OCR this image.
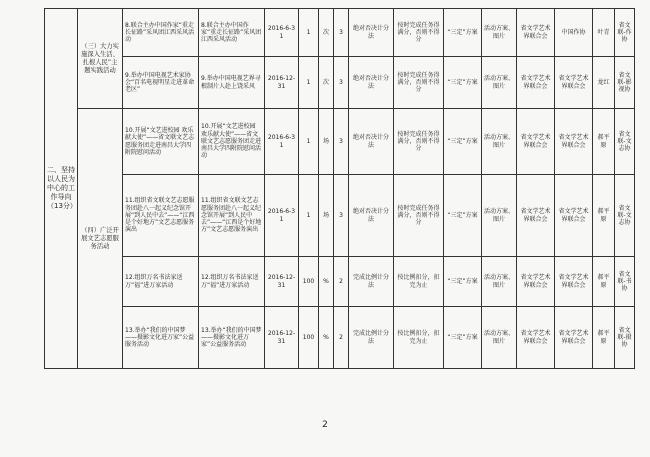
二、坚持以人民为中心的工作导向（13分）	（三）大力实施深入生活、扎根人民”主题实践活动	8.联合主办中国作家“重走长征路”采风团江西采风活动	8.联合主办中国作家“重走长征路”采风团江西采风活动	2016-6-31	1	次	3	绝对否决计分法	按时完成任务得满分，否则不得分	“三定”方案	活动方案、图片	省文学艺术界联合会	中国作协	叶青	省文联-作协
		9.举办中国电视艺术家协会“百名电视明星走进革命老区”	9.举办中国电视艺界寻根制片人赴上饶采风	2016-12-31	1	次	3	绝对否决计分法	按时完成任务得满分，否则不得分	“三定”方案	活动方案、图片	省文学艺术界联合会	省文学艺术界联合会	龙红	省文联-影视协
	（四）广泛开展文艺志愿服务活动	10.开展“文艺进校园 欢乐献大使”——省文联文艺志愿服务团走进南昌大学四附院慰问活动	10.开展“文艺进校园 欢乐献大使”——省文联文艺志愿服务团走进南昌大学四附院慰问活动	2016-6-31	1	场	3	绝对否决计分法	按时完成任务得满分，否则不得分	“三定”方案	活动方案、图片	省文学艺术界联合会	省文学艺术界联合会	郝平原	省文联-文志协
		11.组织省文联文艺志愿服务团赴八一起义纪念馆开展“到人民中去”——“江西是个好地方”文艺志愿服务演出	11.组织省文联文艺志愿服务团赴八一起义纪念馆开展“到人民中去”——“江西是个好地方”文艺志愿服务演出	2016-6-31	1	场	3	绝对否决计分法	按时完成任务得满分，否则不得分	“三定”方案	活动方案、图片	省文学艺术界联合会	省文学艺术界联合会	郝平原	省文联-文志协
		12.组织万名书法家送万“福”进万家活动	12.组织万名书法家送万“福”进万家活动	2016-12-31	100	%	2	完成比例计分法	按比例扣分，扣完为止	“三定”方案	活动方案、图片	省文学艺术界联合会	省文学艺术界联合会	郝平原	省文联-书协
		13.举办“我们的中国梦——摄影文化进万家”公益服务活动	13.举办“我们的中国梦——摄影文化进万家”公益服务活动	2016-12-31	100	%	2	完成比例计分法	按比例扣分，扣完为止	“三定”方案	活动方案、图片	省文学艺术界联合会	省文学艺术界联合会	郝平原	省文联-摄协
2
